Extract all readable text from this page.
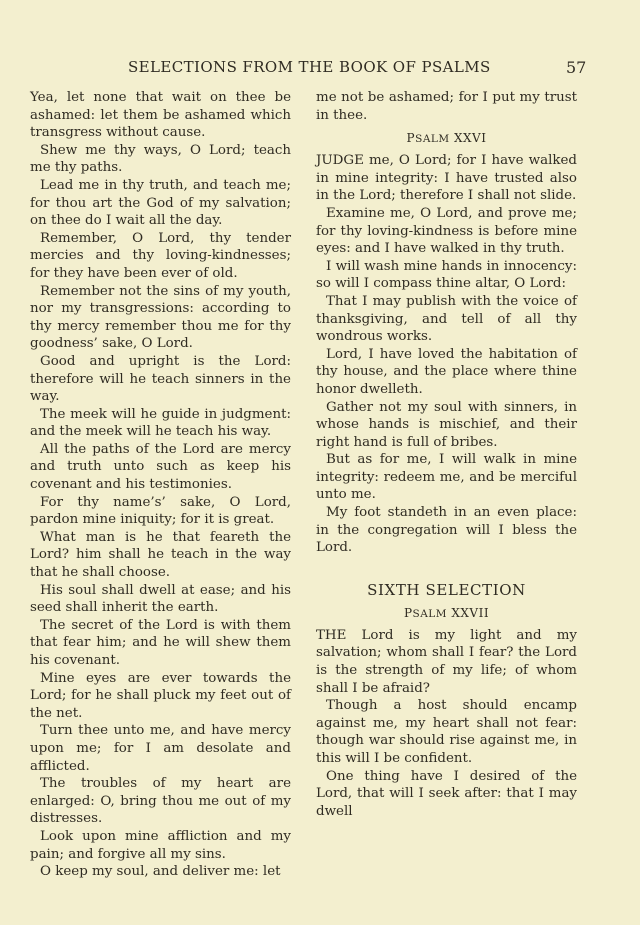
SELECTIONS FROM THE BOOK OF PSALMS	57

Yea, let none that wait on thee be ashamed: let them be ashamed which transgress without cause.

Shew me thy ways, O Lord; teach me thy paths.

Lead me in thy truth, and teach me; for thou art the God of my salvation; on thee do I wait all the day.

Remember, O Lord, thy tender mercies and thy loving-kindnesses; for they have been ever of old.

Remember not the sins of my youth, nor my transgressions: according to thy mercy remember thou me for thy goodness’ sake, O Lord.

Good and upright is the Lord: therefore will he teach sinners in the way.

The meek will he guide in judgment: and the meek will he teach his way.

All the paths of the Lord are mercy and truth unto such as keep his covenant and his testimonies.

For thy name’s’ sake, O Lord, pardon mine iniquity; for it is great.

What man is he that feareth the Lord? him shall he teach in the way that he shall choose.

His soul shall dwell at ease; and his seed shall inherit the earth.

The secret of the Lord is with them that fear him; and he will shew them his covenant.

Mine eyes are ever towards the Lord; for he shall pluck my feet out of the net.

Turn thee unto me, and have mercy upon me; for I am desolate and afflicted.

The troubles of my heart are enlarged: O, bring thou me out of my distresses.

Look upon mine affliction and my pain; and forgive all my sins.

O keep my soul, and deliver me: let

me not be ashamed; for I put my trust in thee.

PSALM XXVI

JUDGE me, O Lord; for I have walked in mine integrity: I have trusted also in the Lord; therefore I shall not slide.

Examine me, O Lord, and prove me; for thy loving-kindness is before mine eyes: and I have walked in thy truth.

I will wash mine hands in innocency: so will I compass thine altar, O Lord:

That I may publish with the voice of thanksgiving, and tell of all thy wondrous works.

Lord, I have loved the habitation of thy house, and the place where thine honor dwelleth.

Gather not my soul with sinners, in whose hands is mischief, and their right hand is full of bribes.

But as for me, I will walk in mine integrity: redeem me, and be merciful unto me.

My foot standeth in an even place: in the congregation will I bless the Lord.

SIXTH SELECTION
PSALM XXVII

THE Lord is my light and my salvation; whom shall I fear? the Lord is the strength of my life; of whom shall I be afraid?

Though a host should encamp against me, my heart shall not fear: though war should rise against me, in this will I be confident.

One thing have I desired of the Lord, that will I seek after: that I may dwell
